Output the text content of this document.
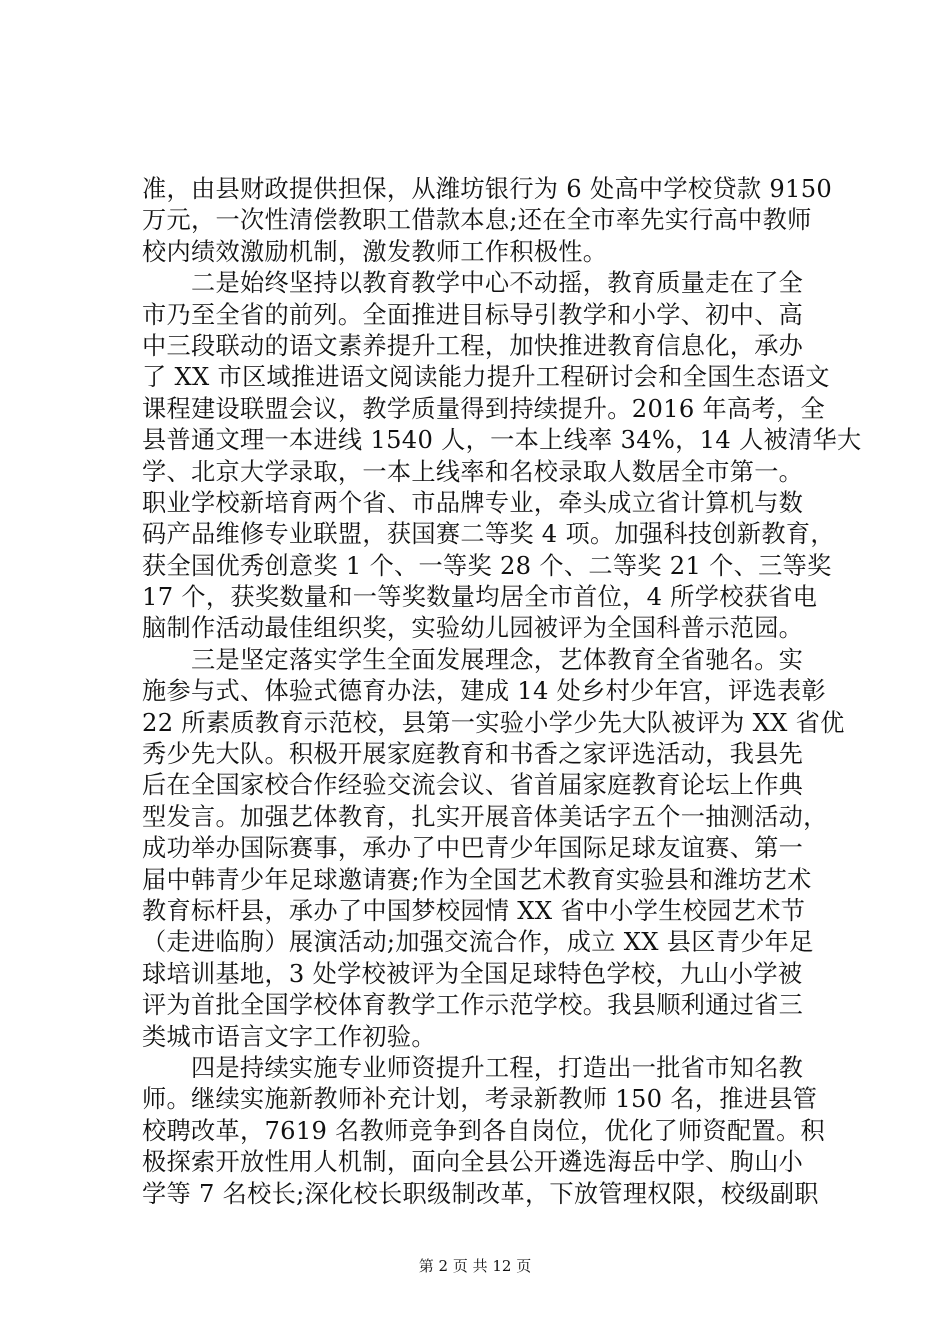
准，由县财政提供担保，从潍坊银行为 6 处高中学校贷款 9150
万元，一次性清偿教职工借款本息;还在全市率先实行高中教师
校内绩效激励机制，激发教师工作积极性。
　　二是始终坚持以教育教学中心不动摇，教育质量走在了全
市乃至全省的前列。全面推进目标导引教学和小学、初中、高
中三段联动的语文素养提升工程，加快推进教育信息化，承办
了 XX 市区域推进语文阅读能力提升工程研讨会和全国生态语文
课程建设联盟会议，教学质量得到持续提升。2016 年高考，全
县普通文理一本进线 1540 人，一本上线率 34%，14 人被清华大
学、北京大学录取，一本上线率和名校录取人数居全市第一。
职业学校新培育两个省、市品牌专业，牵头成立省计算机与数
码产品维修专业联盟，获国赛二等奖 4 项。加强科技创新教育，
获全国优秀创意奖 1 个、一等奖 28 个、二等奖 21 个、三等奖
17 个，获奖数量和一等奖数量均居全市首位，4 所学校获省电
脑制作活动最佳组织奖，实验幼儿园被评为全国科普示范园。
　　三是坚定落实学生全面发展理念，艺体教育全省驰名。实
施参与式、体验式德育办法，建成 14 处乡村少年宫，评选表彰
22 所素质教育示范校，县第一实验小学少先大队被评为 XX 省优
秀少先大队。积极开展家庭教育和书香之家评选活动，我县先
后在全国家校合作经验交流会议、省首届家庭教育论坛上作典
型发言。加强艺体教育，扎实开展音体美话字五个一抽测活动，
成功举办国际赛事，承办了中巴青少年国际足球友谊赛、第一
届中韩青少年足球邀请赛;作为全国艺术教育实验县和潍坊艺术
教育标杆县，承办了中国梦校园情 XX 省中小学生校园艺术节
（走进临朐）展演活动;加强交流合作，成立 XX 县区青少年足
球培训基地，3 处学校被评为全国足球特色学校，九山小学被
评为首批全国学校体育教学工作示范学校。我县顺利通过省三
类城市语言文字工作初验。
　　四是持续实施专业师资提升工程，打造出一批省市知名教
师。继续实施新教师补充计划，考录新教师 150 名，推进县管
校聘改革，7619 名教师竞争到各自岗位，优化了师资配置。积
极探索开放性用人机制，面向全县公开遴选海岳中学、朐山小
学等 7 名校长;深化校长职级制改革，下放管理权限，校级副职
第 2 页 共 12 页
